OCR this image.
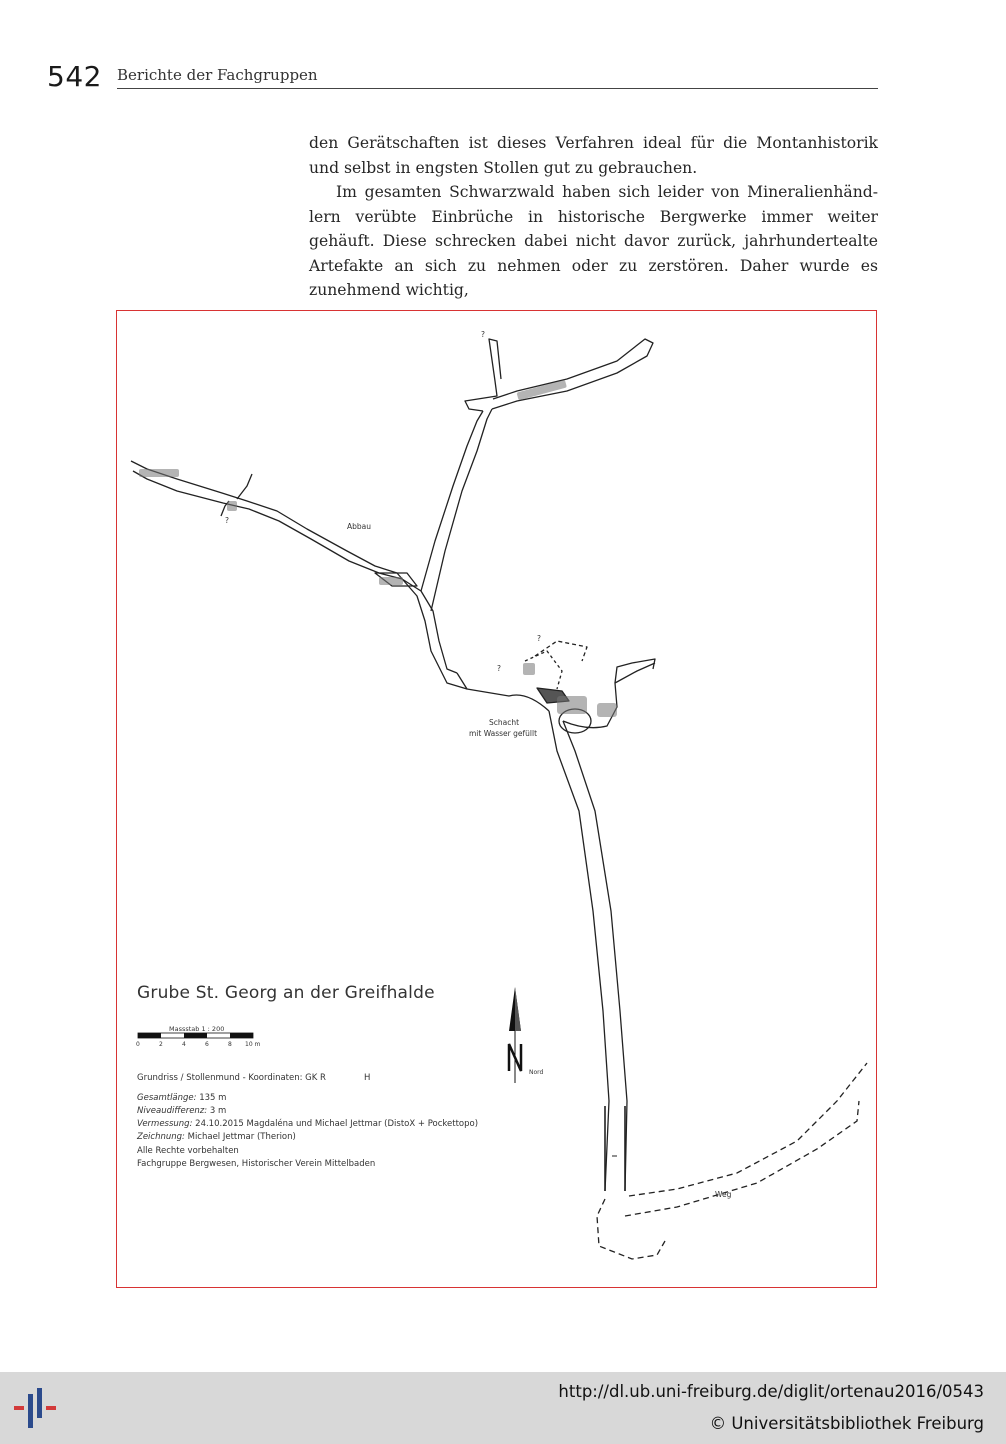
542 Berichte der Fachgruppen

den Gerätschaften ist dieses Verfahren ideal für die Montanhistorik und selbst in engsten Stollen gut zu gebrauchen.

Im gesamten Schwarzwald haben sich leider von Mineralienhänd-lern verübte Einbrüche in historische Bergwerke immer weiter gehäuft. Diese schrecken dabei nicht davor zurück, jahrhundertealte Artefakte an sich zu nehmen oder zu zerstören. Daher wurde es zunehmend wichtig,

Abbau
Schacht
mit Wasser gefüllt
Weg
Nord
?
?
?
?
Massstab 1 : 200
0	2	4	6	8 10 m
Grube St. Georg an der Greifhalde
Grundriss / Stollenmund - Koordinaten: GK R	H
Gesamtlänge: 135 m
Niveaudifferenz: 3 m
Vermessung: 24.10.2015 Magdaléna und Michael Jettmar (DistoX + Pockettopo)
Zeichnung: Michael Jettmar (Therion)
Alle Rechte vorbehalten
Fachgruppe Bergwesen, Historischer Verein Mittelbaden
http://dl.ub.uni-freiburg.de/diglit/ortenau2016/0543
© Universitätsbibliothek Freiburg
